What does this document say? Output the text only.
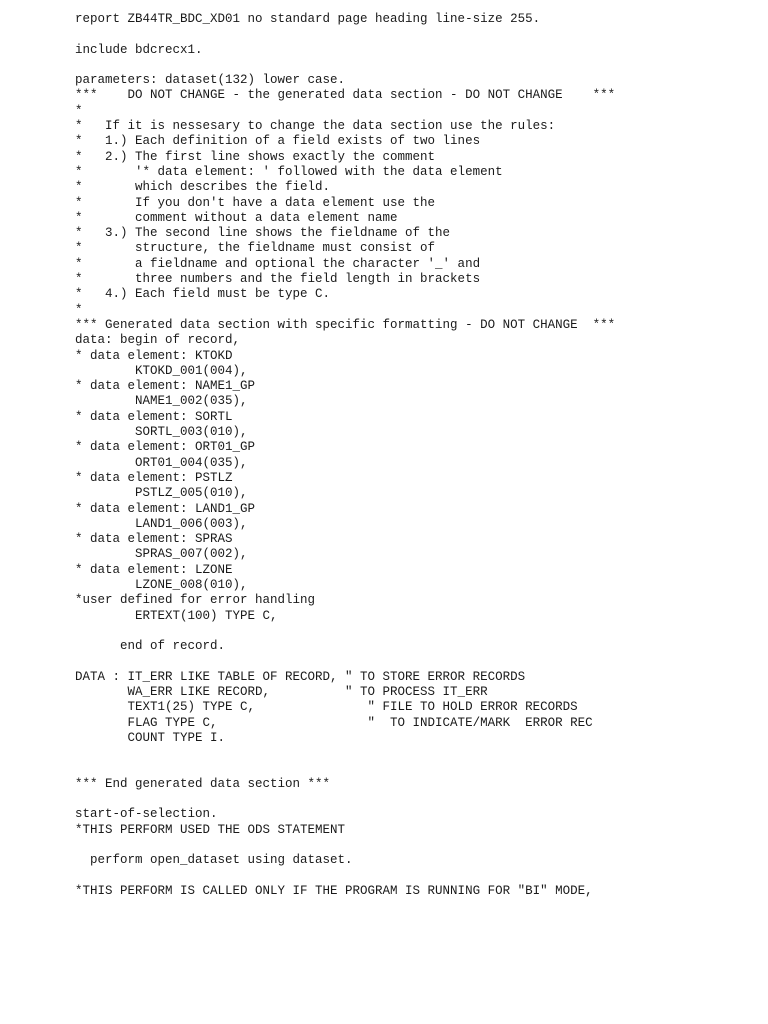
report ZB44TR_BDC_XD01 no standard page heading line-size 255.
include bdcrecx1.
parameters: dataset(132) lower case.
***    DO NOT CHANGE - the generated data section - DO NOT CHANGE    ***
*
*   If it is nessesary to change the data section use the rules:
*   1.) Each definition of a field exists of two lines
*   2.) The first line shows exactly the comment
*       '* data element: ' followed with the data element
*       which describes the field.
*       If you don't have a data element use the
*       comment without a data element name
*   3.) The second line shows the fieldname of the
*       structure, the fieldname must consist of
*       a fieldname and optional the character '_' and
*       three numbers and the field length in brackets
*   4.) Each field must be type C.
*
*** Generated data section with specific formatting - DO NOT CHANGE  ***
data: begin of record,
* data element: KTOKD
KTOKD_001(004),
* data element: NAME1_GP
NAME1_002(035),
* data element: SORTL
SORTL_003(010),
* data element: ORT01_GP
ORT01_004(035),
* data element: PSTLZ
PSTLZ_005(010),
* data element: LAND1_GP
LAND1_006(003),
* data element: SPRAS
SPRAS_007(002),
* data element: LZONE
LZONE_008(010),
*user defined for error handling
ERTEXT(100) TYPE C,
end of record.
DATA : IT_ERR LIKE TABLE OF RECORD, " TO STORE ERROR RECORDS
WA_ERR LIKE RECORD,          " TO PROCESS IT_ERR
TEXT1(25) TYPE C,               " FILE TO HOLD ERROR RECORDS
FLAG TYPE C,                    "  TO INDICATE/MARK  ERROR REC
COUNT TYPE I.
*** End generated data section ***
start-of-selection.
*THIS PERFORM USED THE ODS STATEMENT
perform open_dataset using dataset.
*THIS PERFORM IS CALLED ONLY IF THE PROGRAM IS RUNNING FOR "BI" MODE,
